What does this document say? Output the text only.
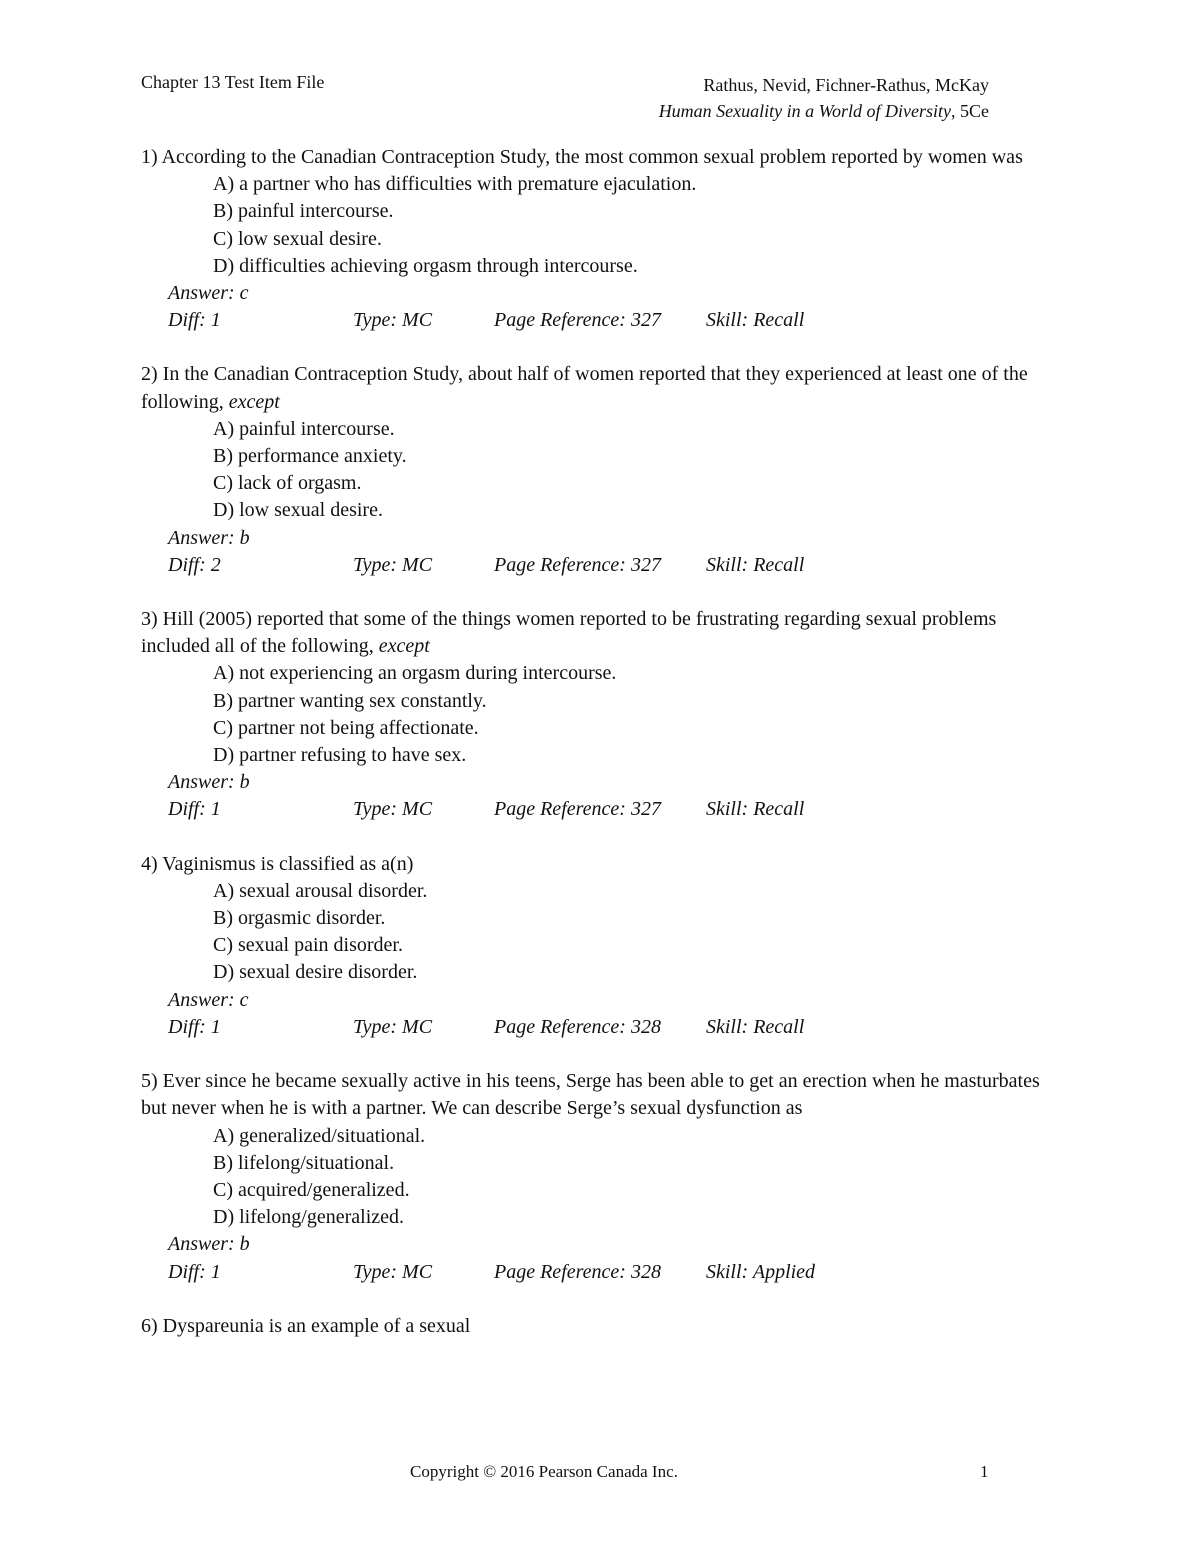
Chapter 13 Test Item File	Rathus, Nevid, Fichner-Rathus, McKay
Human Sexuality in a World of Diversity, 5Ce
1) According to the Canadian Contraception Study, the most common sexual problem reported by women was
A) a partner who has difficulties with premature ejaculation.
B) painful intercourse.
C) low sexual desire.
D) difficulties achieving orgasm through intercourse.
Answer: c
Diff: 1	Type: MC	Page Reference: 327 Skill: Recall
2) In the Canadian Contraception Study, about half of women reported that they experienced at least one of the following, except
A) painful intercourse.
B) performance anxiety.
C) lack of orgasm.
D) low sexual desire.
Answer: b
Diff: 2	Type: MC	Page Reference: 327 Skill: Recall
3) Hill (2005) reported that some of the things women reported to be frustrating regarding sexual problems included all of the following, except
A) not experiencing an orgasm during intercourse.
B) partner wanting sex constantly.
C) partner not being affectionate.
D) partner refusing to have sex.
Answer: b
Diff: 1	Type: MC	Page Reference: 327 Skill: Recall
4) Vaginismus is classified as a(n)
A) sexual arousal disorder.
B) orgasmic disorder.
C) sexual pain disorder.
D) sexual desire disorder.
Answer: c
Diff: 1	Type: MC	Page Reference: 328 Skill: Recall
5) Ever since he became sexually active in his teens, Serge has been able to get an erection when he masturbates but never when he is with a partner. We can describe Serge’s sexual dysfunction as
A) generalized/situational.
B) lifelong/situational.
C) acquired/generalized.
D) lifelong/generalized.
Answer: b
Diff: 1	Type: MC	Page Reference: 328 Skill: Applied
6) Dyspareunia is an example of a sexual
Copyright © 2016 Pearson Canada Inc.	1
